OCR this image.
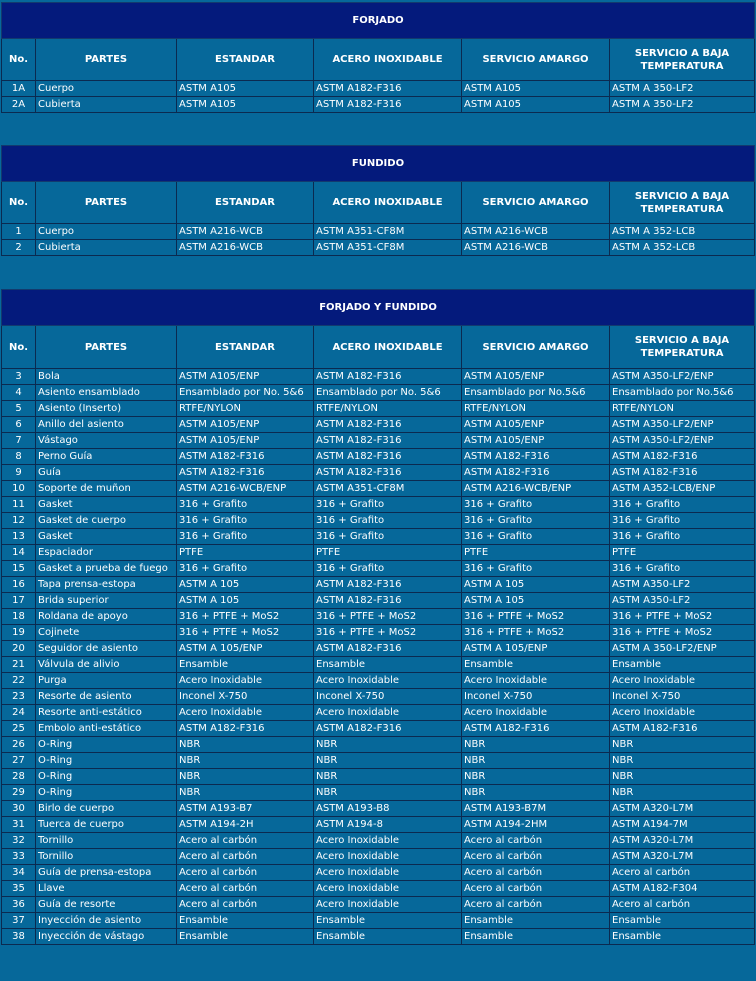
FORJADO					
No.	PARTES	ESTANDAR	ACERO INOXIDABLE	SERVICIO AMARGO	SERVICIO A BAJA TEMPERATURA
1A	Cuerpo	ASTM A105	ASTM A182-F316	ASTM A105	ASTM A 350-LF2
2A	Cubierta	ASTM A105	ASTM A182-F316	ASTM A105	ASTM A 350-LF2
FUNDIDO					
No.	PARTES	ESTANDAR	ACERO INOXIDABLE	SERVICIO AMARGO	SERVICIO A BAJA TEMPERATURA
1	Cuerpo	ASTM A216-WCB	ASTM A351-CF8M	ASTM A216-WCB	ASTM A 352-LCB
2	Cubierta	ASTM A216-WCB	ASTM A351-CF8M	ASTM A216-WCB	ASTM A 352-LCB
FORJADO Y FUNDIDO					
No.	PARTES	ESTANDAR	ACERO INOXIDABLE	SERVICIO AMARGO	SERVICIO A BAJA TEMPERATURA
3	Bola	ASTM A105/ENP	ASTM A182-F316	ASTM A105/ENP	ASTM A350-LF2/ENP
4	Asiento ensamblado	Ensamblado por No. 5&6	Ensamblado por No. 5&6	Ensamblado por No.5&6	Ensamblado por No.5&6
5	Asiento (Inserto)	RTFE/NYLON	RTFE/NYLON	RTFE/NYLON	RTFE/NYLON
6	Anillo del asiento	ASTM A105/ENP	ASTM A182-F316	ASTM A105/ENP	ASTM A350-LF2/ENP
7	Vástago	ASTM A105/ENP	ASTM A182-F316	ASTM A105/ENP	ASTM A350-LF2/ENP
8	Perno Guía	ASTM A182-F316	ASTM A182-F316	ASTM A182-F316	ASTM A182-F316
9	Guía	ASTM A182-F316	ASTM A182-F316	ASTM A182-F316	ASTM A182-F316
10	Soporte de muñon	ASTM A216-WCB/ENP	ASTM A351-CF8M	ASTM A216-WCB/ENP	ASTM A352-LCB/ENP
11	Gasket	316 + Grafito	316 + Grafito	316 + Grafito	316 + Grafito
12	Gasket de cuerpo	316 + Grafito	316 + Grafito	316 + Grafito	316 + Grafito
13	Gasket	316 + Grafito	316 + Grafito	316 + Grafito	316 + Grafito
14	Espaciador	PTFE	PTFE	PTFE	PTFE
15	Gasket a prueba de fuego	316 + Grafito	316 + Grafito	316 + Grafito	316 + Grafito
16	Tapa prensa-estopa	ASTM A 105	ASTM A182-F316	ASTM A 105	ASTM A350-LF2
17	Brida superior	ASTM A 105	ASTM A182-F316	ASTM A 105	ASTM A350-LF2
18	Roldana de apoyo	316 + PTFE + MoS2	316 + PTFE + MoS2	316 + PTFE + MoS2	316 + PTFE + MoS2
19	Cojinete	316 + PTFE + MoS2	316 + PTFE + MoS2	316 + PTFE + MoS2	316 + PTFE + MoS2
20	Seguidor de asiento	ASTM A 105/ENP	ASTM A182-F316	ASTM A 105/ENP	ASTM A 350-LF2/ENP
21	Válvula de alivio	Ensamble	Ensamble	Ensamble	Ensamble
22	Purga	Acero Inoxidable	Acero Inoxidable	Acero Inoxidable	Acero Inoxidable
23	Resorte de asiento	Inconel X-750	Inconel X-750	Inconel X-750	Inconel X-750
24	Resorte anti-estático	Acero Inoxidable	Acero Inoxidable	Acero Inoxidable	Acero Inoxidable
25	Embolo anti-estático	ASTM A182-F316	ASTM A182-F316	ASTM A182-F316	ASTM A182-F316
26	O-Ring	NBR	NBR	NBR	NBR
27	O-Ring	NBR	NBR	NBR	NBR
28	O-Ring	NBR	NBR	NBR	NBR
29	O-Ring	NBR	NBR	NBR	NBR
30	Birlo de cuerpo	ASTM A193-B7	ASTM A193-B8	ASTM A193-B7M	ASTM A320-L7M
31	Tuerca de cuerpo	ASTM A194-2H	ASTM A194-8	ASTM A194-2HM	ASTM A194-7M
32	Tornillo	Acero al carbón	Acero Inoxidable	Acero al carbón	ASTM A320-L7M
33	Tornillo	Acero al carbón	Acero Inoxidable	Acero al carbón	ASTM A320-L7M
34	Guía de prensa-estopa	Acero al carbón	Acero Inoxidable	Acero al carbón	Acero al carbón
35	Llave	Acero al carbón	Acero Inoxidable	Acero al carbón	ASTM A182-F304
36	Guía de resorte	Acero al carbón	Acero Inoxidable	Acero al carbón	Acero al carbón
37	Inyección de asiento	Ensamble	Ensamble	Ensamble	Ensamble
38	Inyección de vástago	Ensamble	Ensamble	Ensamble	Ensamble
